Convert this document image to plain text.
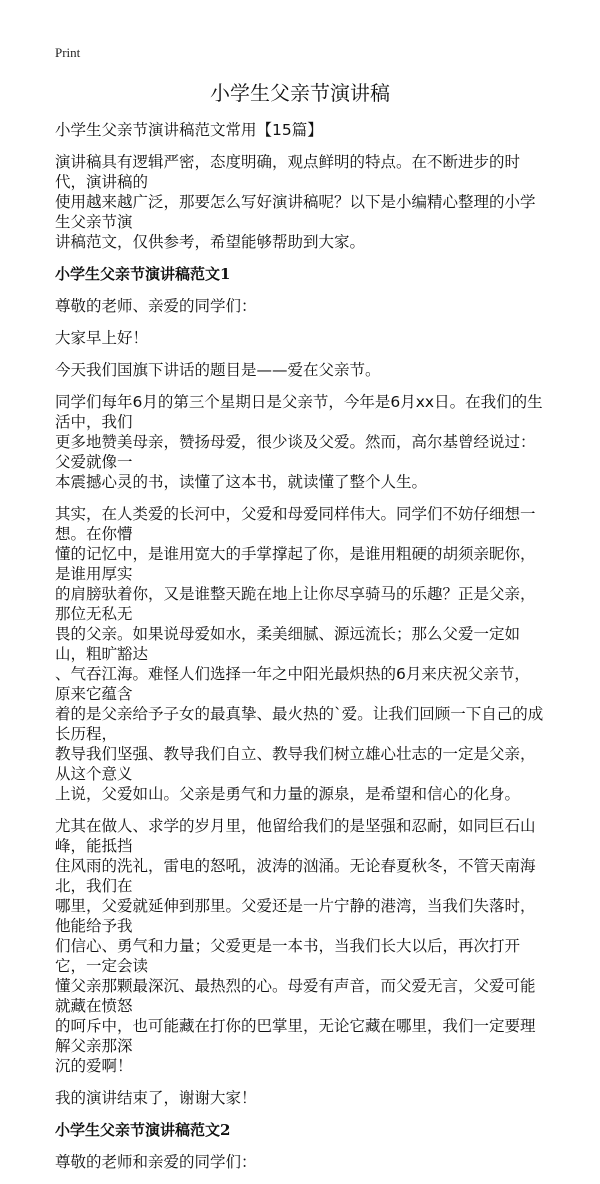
Print
小学生父亲节演讲稿
小学生父亲节演讲稿范文常用【15篇】
演讲稿具有逻辑严密，态度明确，观点鲜明的特点。在不断进步的时代，演讲稿的
使用越来越广泛，那要怎么写好演讲稿呢？以下是小编精心整理的小学生父亲节演
讲稿范文，仅供参考，希望能够帮助到大家。
小学生父亲节演讲稿范文1
尊敬的老师、亲爱的同学们：
大家早上好！
今天我们国旗下讲话的题目是——爱在父亲节。
同学们每年6月的第三个星期日是父亲节，今年是6月xx日。在我们的生活中，我们
更多地赞美母亲，赞扬母爱，很少谈及父爱。然而，高尔基曾经说过：父爱就像一
本震撼心灵的书，读懂了这本书，就读懂了整个人生。
其实，在人类爱的长河中，父爱和母爱同样伟大。同学们不妨仔细想一想。在你懵
懂的记忆中，是谁用宽大的手掌撑起了你，是谁用粗硬的胡须亲昵你，是谁用厚实
的肩膀驮着你，又是谁整天跪在地上让你尽享骑马的乐趣？正是父亲，那位无私无
畏的父亲。如果说母爱如水，柔美细腻、源远流长；那么父爱一定如山，粗旷豁达
、气吞江海。难怪人们选择一年之中阳光最炽热的6月来庆祝父亲节，原来它蕴含
着的是父亲给予子女的最真挚、最火热的`爱。让我们回顾一下自己的成长历程，
教导我们坚强、教导我们自立、教导我们树立雄心壮志的一定是父亲，从这个意义
上说，父爱如山。父亲是勇气和力量的源泉，是希望和信心的化身。
尤其在做人、求学的岁月里，他留给我们的是坚强和忍耐，如同巨石山峰，能抵挡
住风雨的洗礼，雷电的怒吼，波涛的汹涌。无论春夏秋冬，不管天南海北，我们在
哪里，父爱就延伸到那里。父爱还是一片宁静的港湾，当我们失落时，他能给予我
们信心、勇气和力量；父爱更是一本书，当我们长大以后，再次打开它，一定会读
懂父亲那颗最深沉、最热烈的心。母爱有声音，而父爱无言，父爱可能就藏在愤怒
的呵斥中，也可能藏在打你的巴掌里，无论它藏在哪里，我们一定要理解父亲那深
沉的爱啊！
我的演讲结束了，谢谢大家！
小学生父亲节演讲稿范文2
尊敬的老师和亲爱的同学们：
